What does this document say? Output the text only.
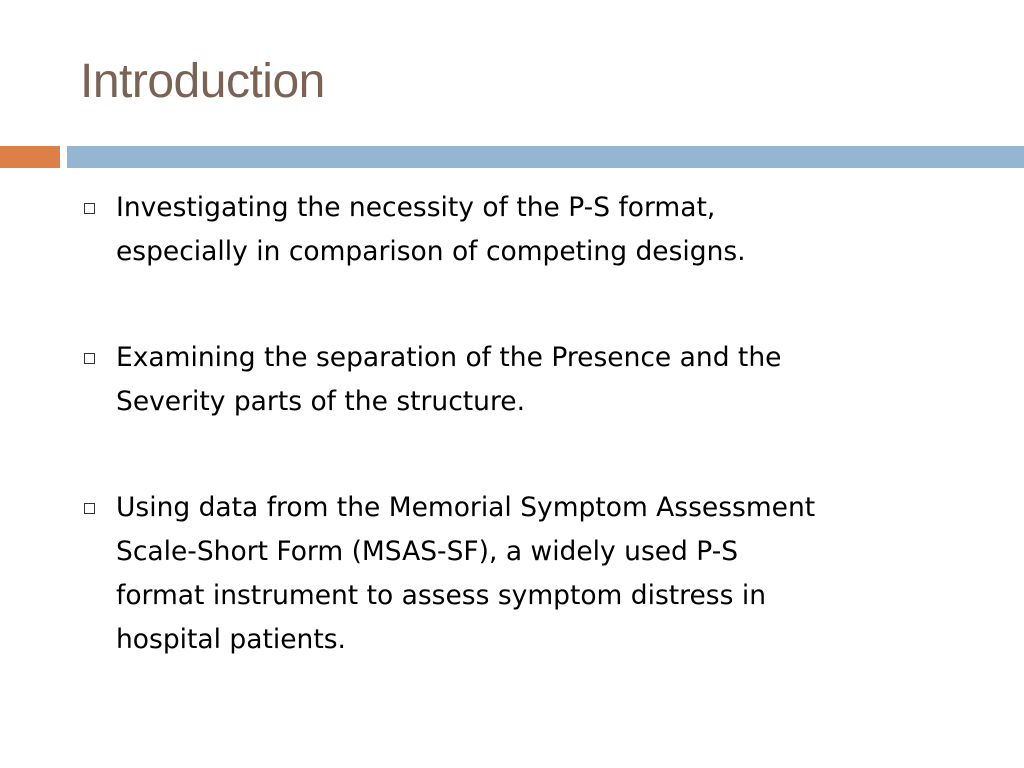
Introduction
Investigating the necessity of the P-S format,
especially in comparison of competing designs.
Examining the separation of the Presence and the
Severity parts of the structure.
Using data from the Memorial Symptom Assessment
Scale-Short Form (MSAS-SF), a widely used P-S
format instrument to assess symptom distress in
hospital patients.
